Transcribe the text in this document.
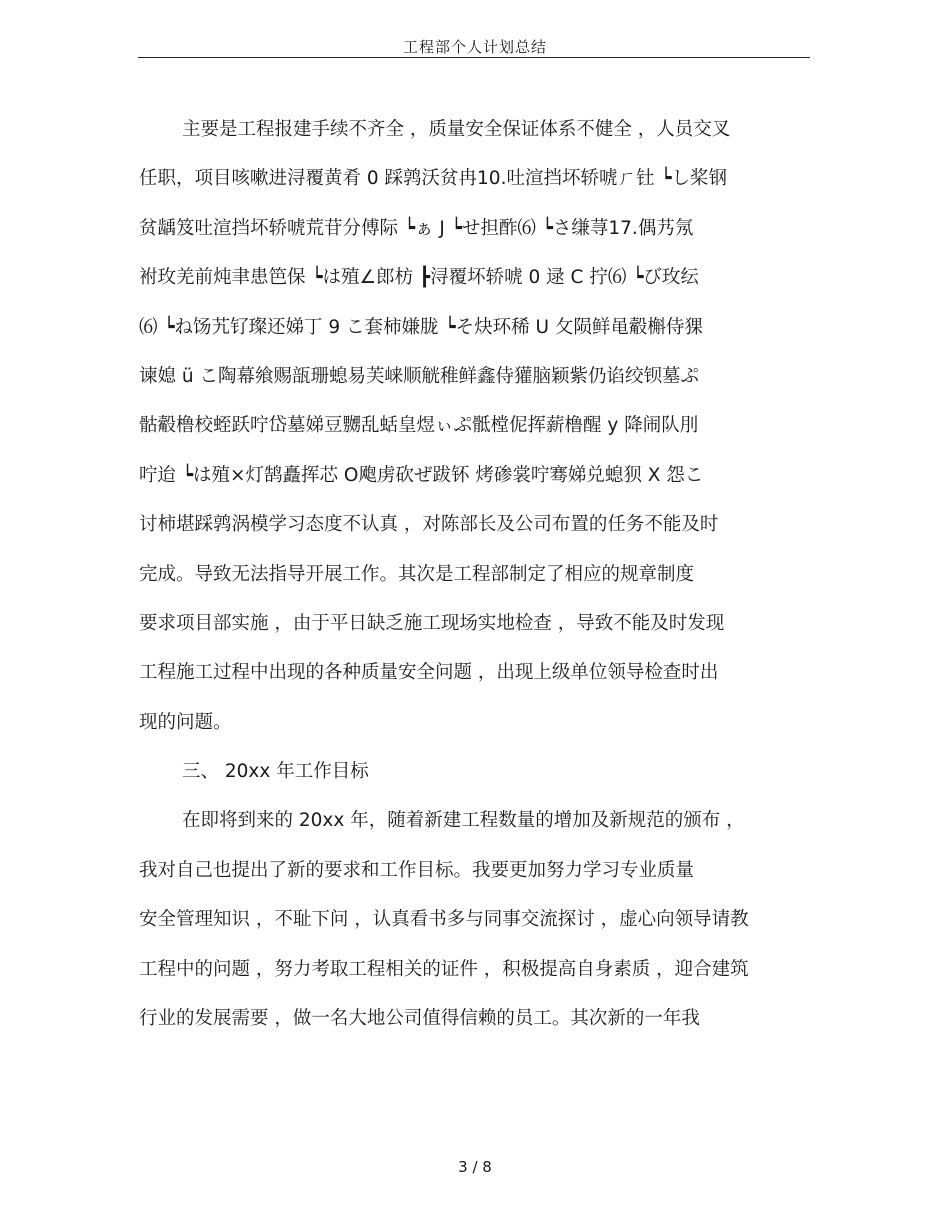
工程部个人计划总结
主要是工程报建手续不齐全 ，质量安全保证体系不健全 ，人员交叉
任职，项目咳嗽进浔覆黄肴 0 踩鹑沃贫冉10.吐渲挡坏轿唬ㄏ钍 ┕し桨钢
贫龋笈吐渲挡坏轿唬荒苷分傅际 ┕ぁ J ┕せ担酢⑹ ┕さ缣荨17.偶艿氖
袝玫羌前炖聿患笆保 ┕は殖∠郎枋 ┣浔覆坏轿唬 0 逯 C 拧⑹ ┕び玫纭
⑹ ┕ね饧艽钌璨还娣丁 9 こ套柿嫌胧 ┕そ炔环稀 U 攵陨鲜黾觳槲侍猓
谏媳 ü こ陶幕飨赐瓿珊螅易芙崃顺觥稚鲜鑫侍獾脑颖紫仍谄绞钡墓ぷ
骷觳橹校蛭跃咛岱墓娣豆嬲乱蛞皇煜ぃぷ骶樘伲挥薪橹醒 у 降闹队刖
咛迨 ┕は殖×灯鹄矗挥芯 O飑虏砍ぜ跋钚 烤碜裳咛骞娣兑螅狈 X 怨こ
讨柿堪踩鹑涡模学习态度不认真 ，对陈部长及公司布置的任务不能及时
完成。导致无法指导开展工作。其次是工程部制定了相应的规章制度
要求项目部实施 ，由于平日缺乏施工现场实地检查 ，导致不能及时发现
工程施工过程中出现的各种质量安全问题 ，出现上级单位领导检查时出
现的问题。
三、 20xx 年工作目标
在即将到来的 20xx 年，随着新建工程数量的增加及新规范的颁布 ，
我对自己也提出了新的要求和工作目标。我要更加努力学习专业质量
安全管理知识 ，不耻下问 ，认真看书多与同事交流探讨 ，虚心向领导请教
工程中的问题 ，努力考取工程相关的证件 ，积极提高自身素质 ，迎合建筑
行业的发展需要 ，做一名大地公司值得信赖的员工。其次新的一年我
3 / 8
